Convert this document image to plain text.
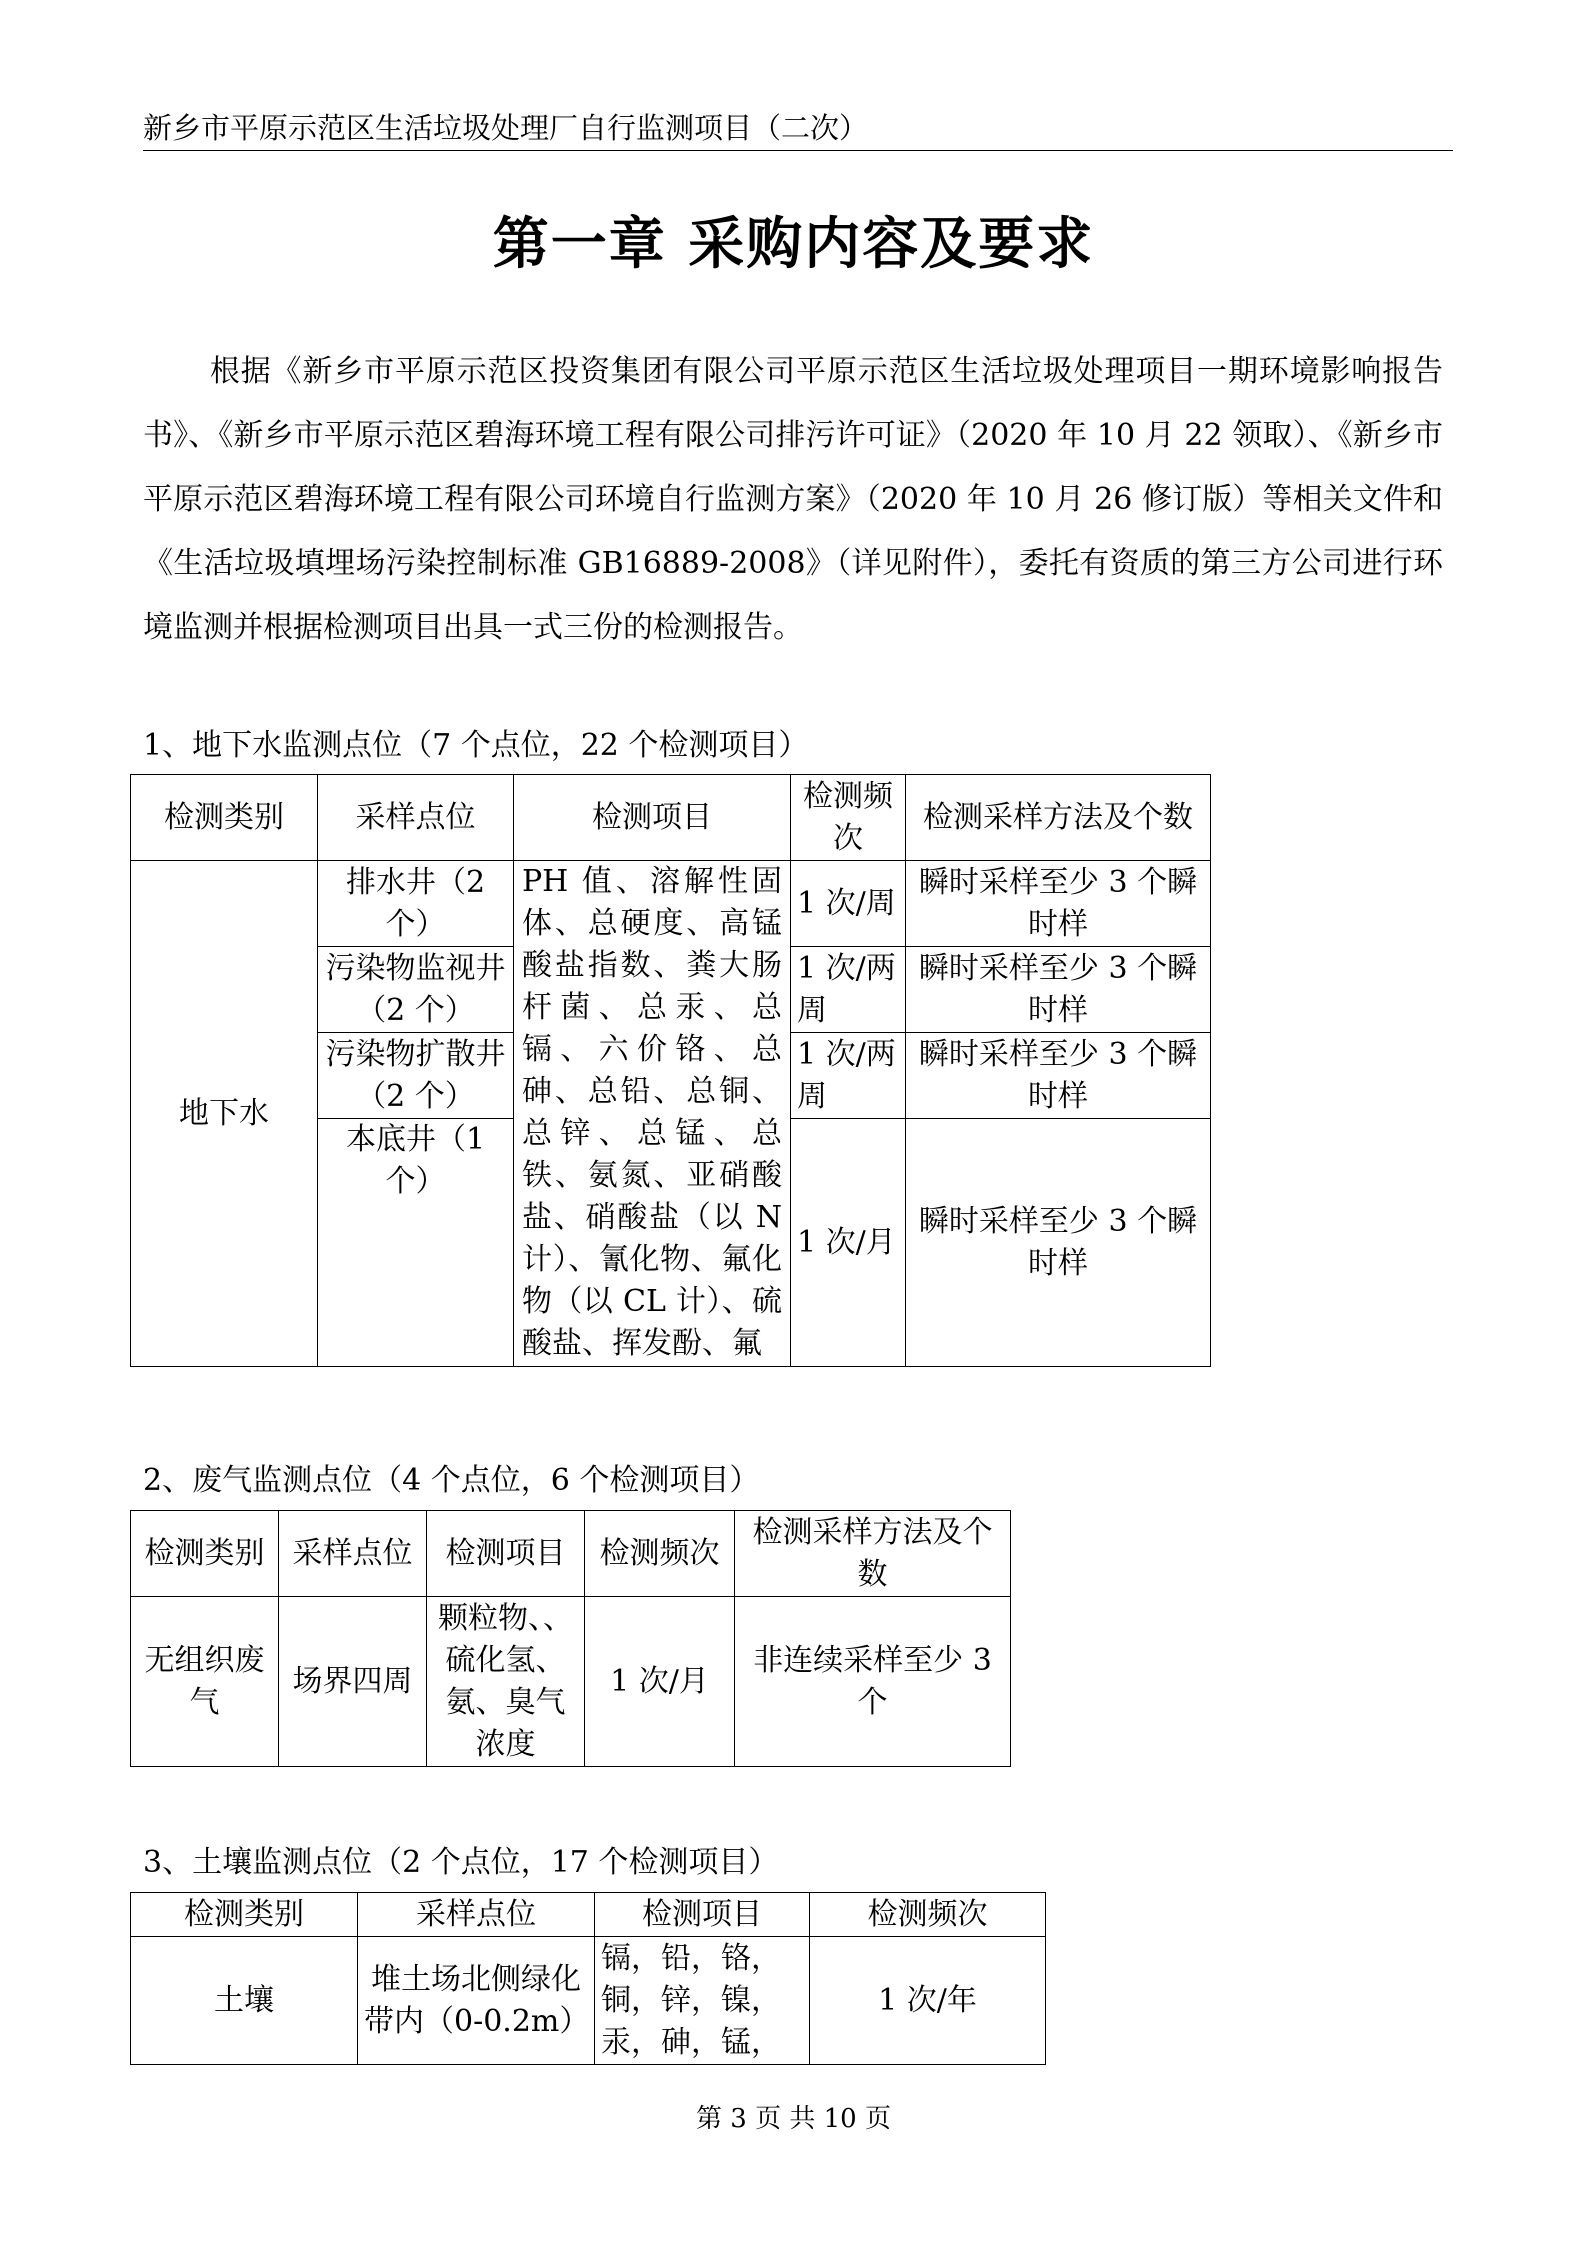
新乡市平原示范区生活垃圾处理厂自行监测项目（二次）
第一章 采购内容及要求

根据《新乡市平原示范区投资集团有限公司平原示范区生活垃圾处理项目一期环境影响报告书》、《新乡市平原示范区碧海环境工程有限公司排污许可证》（2020 年 10 月 22 领取）、《新乡市平原示范区碧海环境工程有限公司环境自行监测方案》（2020 年 10 月 26 修订版）等相关文件和《生活垃圾填埋场污染控制标准 GB16889-2008》（详见附件），委托有资质的第三方公司进行环境监测并根据检测项目出具一式三份的检测报告。

1、地下水监测点位（7 个点位，22 个检测项目）
检测类别	采样点位	检测项目	检测频次	检测采样方法及个数
地下水	排水井（2 个）	PH 值、溶解性固体、总硬度、高锰酸盐指数、粪大肠杆菌、总汞、总镉、六价铬、总砷、总铅、总铜、总锌、总锰、总铁、氨氮、亚硝酸盐、硝酸盐（以 N 计）、氰化物、氟化物（以 CL 计）、硫酸盐、挥发酚、氟	1 次/周	瞬时采样至少 3 个瞬时样
	污染物监视井（2 个）		1 次/两周	瞬时采样至少 3 个瞬时样
	污染物扩散井（2 个）		1 次/两周	瞬时采样至少 3 个瞬时样
	本底井（1 个）		1 次/月	瞬时采样至少 3 个瞬时样
2、废气监测点位（4 个点位，6 个检测项目）
检测类别	采样点位	检测项目	检测频次	检测采样方法及个数
无组织废气	场界四周	颗粒物、、硫化氢、氨、臭气浓度	1 次/月	非连续采样至少 3 个
3、土壤监测点位（2 个点位，17 个检测项目）
检测类别	采样点位	检测项目	检测频次
土壤	堆土场北侧绿化带内（0-0.2m）	镉，铅，铬，铜，锌，镍，汞，砷，锰，	1 次/年
第 3 页 共 10 页
